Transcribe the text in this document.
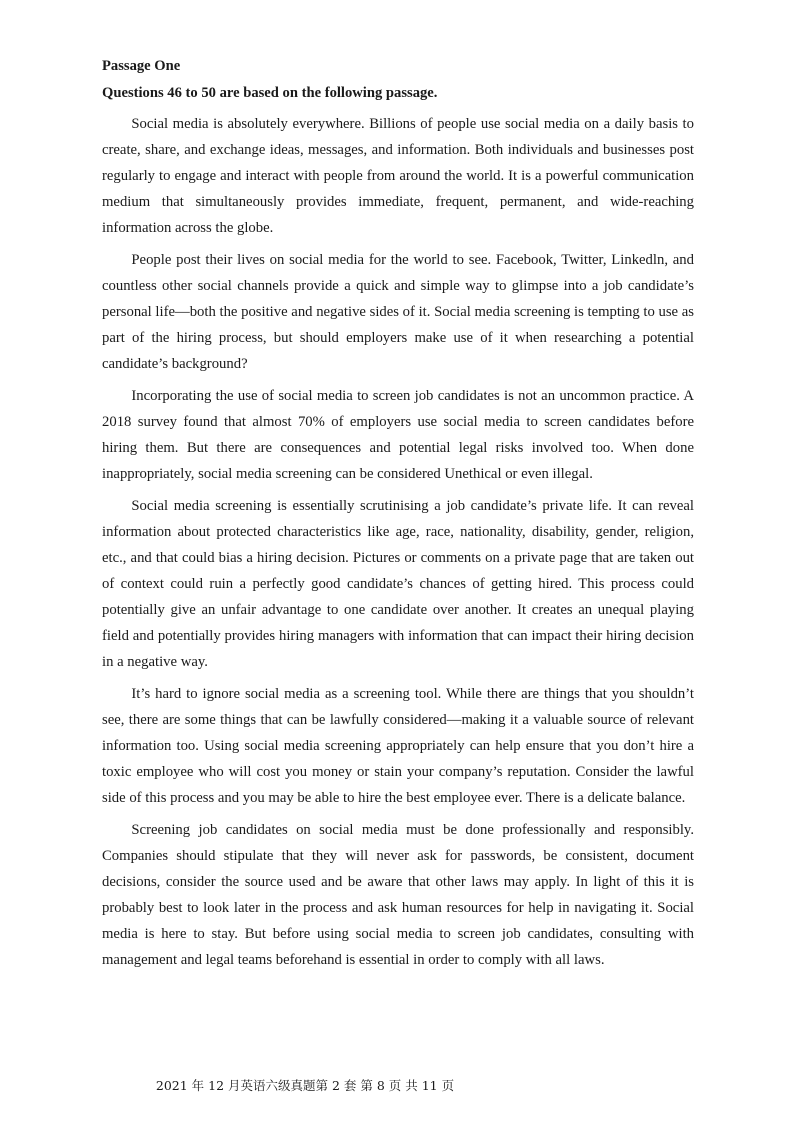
Passage One

Questions 46 to 50 are based on the following passage.

Social media is absolutely everywhere. Billions of people use social media on a daily basis to create, share, and exchange ideas, messages, and information. Both individuals and businesses post regularly to engage and interact with people from around the world. It is a powerful communication medium that simultaneously provides immediate, frequent, permanent, and wide-reaching information across the globe.

People post their lives on social media for the world to see. Facebook, Twitter, Linkedln, and countless other social channels provide a quick and simple way to glimpse into a job candidate’s personal life—both the positive and negative sides of it. Social media screening is tempting to use as part of the hiring process, but should employers make use of it when researching a potential candidate’s background?

Incorporating the use of social media to screen job candidates is not an uncommon practice. A 2018 survey found that almost 70% of employers use social media to screen candidates before hiring them. But there are consequences and potential legal risks involved too. When done inappropriately, social media screening can be considered Unethical or even illegal.

Social media screening is essentially scrutinising a job candidate’s private life. It can reveal information about protected characteristics like age, race, nationality, disability, gender, religion, etc., and that could bias a hiring decision. Pictures or comments on a private page that are taken out of context could ruin a perfectly good candidate’s chances of getting hired. This process could potentially give an unfair advantage to one candidate over another. It creates an unequal playing field and potentially provides hiring managers with information that can impact their hiring decision in a negative way.

It’s hard to ignore social media as a screening tool. While there are things that you shouldn’t see, there are some things that can be lawfully considered—making it a valuable source of relevant information too. Using social media screening appropriately can help ensure that you don’t hire a toxic employee who will cost you money or stain your company’s reputation. Consider the lawful side of this process and you may be able to hire the best employee ever. There is a delicate balance.

Screening job candidates on social media must be done professionally and responsibly. Companies should stipulate that they will never ask for passwords, be consistent, document decisions, consider the source used and be aware that other laws may apply. In light of this it is probably best to look later in the process and ask human resources for help in navigating it. Social media is here to stay. But before using social media to screen job candidates, consulting with management and legal teams beforehand is essential in order to comply with all laws.

2021 年 12 月英语六级真题第 2 套 第 8 页 共 11 页
